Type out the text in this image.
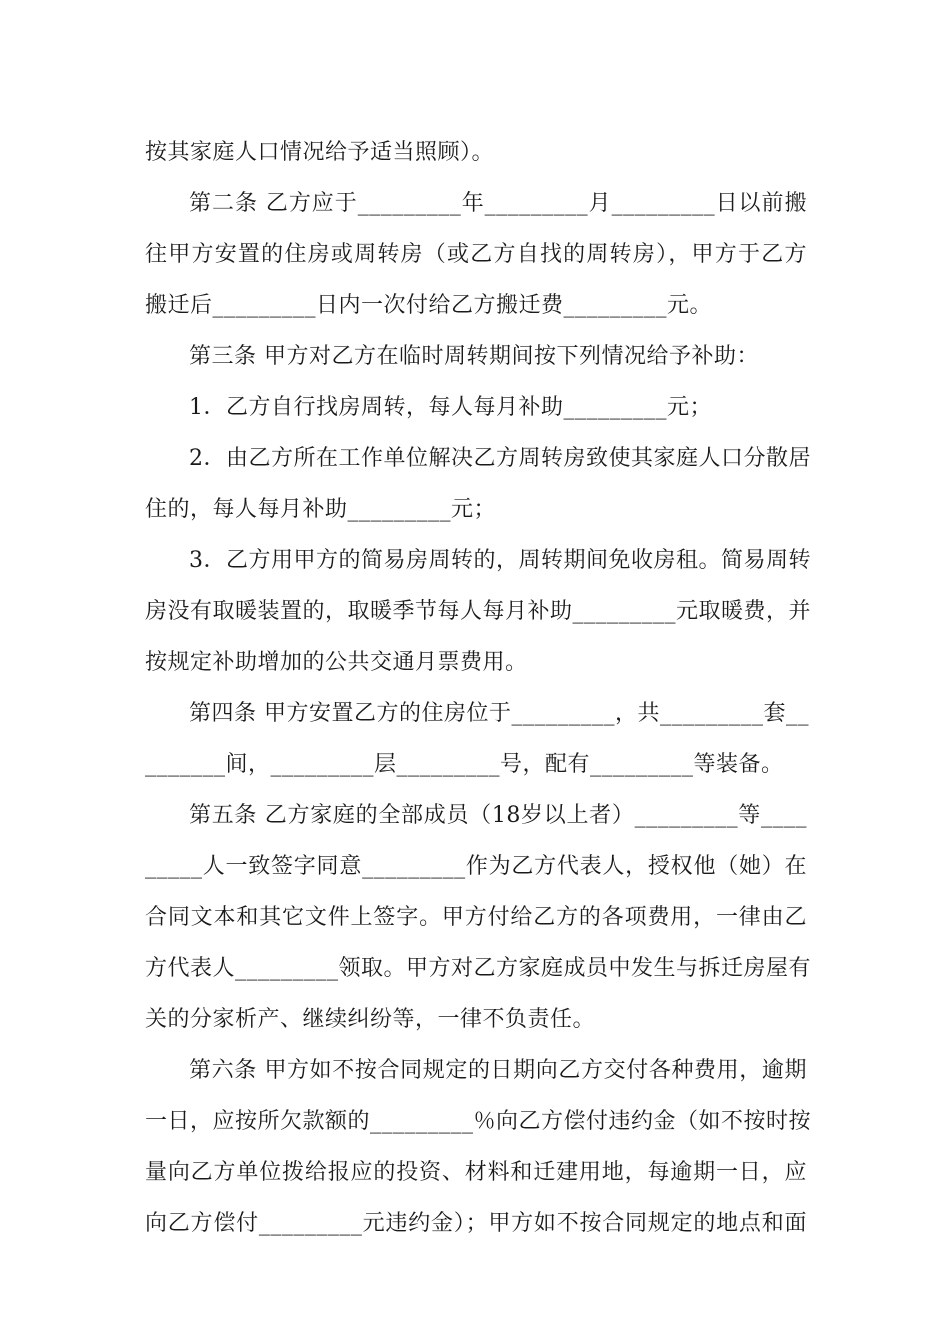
按其家庭人口情况给予适当照顾）。
第二条 乙方应于_________年_________月_________日以前搬
往甲方安置的住房或周转房（或乙方自找的周转房），甲方于乙方
搬迁后_________日内一次付给乙方搬迁费_________元。
第三条 甲方对乙方在临时周转期间按下列情况给予补助：
1．乙方自行找房周转，每人每月补助_________元；
2．由乙方所在工作单位解决乙方周转房致使其家庭人口分散居
住的，每人每月补助_________元；
3．乙方用甲方的简易房周转的，周转期间免收房租。简易周转
房没有取暖装置的，取暖季节每人每月补助_________元取暖费，并
按规定补助增加的公共交通月票费用。
第四条 甲方安置乙方的住房位于_________，共_________套__
_______间，_________层_________号，配有_________等装备。
第五条 乙方家庭的全部成员（18岁以上者）_________等____
_____人一致签字同意_________作为乙方代表人，授权他（她）在
合同文本和其它文件上签字。甲方付给乙方的各项费用，一律由乙
方代表人_________领取。甲方对乙方家庭成员中发生与拆迁房屋有
关的分家析产、继续纠纷等，一律不负责任。
第六条 甲方如不按合同规定的日期向乙方交付各种费用，逾期
一日，应按所欠款额的_________％向乙方偿付违约金（如不按时按
量向乙方单位拨给报应的投资、材料和迁建用地，每逾期一日，应
向乙方偿付_________元违约金）；甲方如不按合同规定的地点和面
